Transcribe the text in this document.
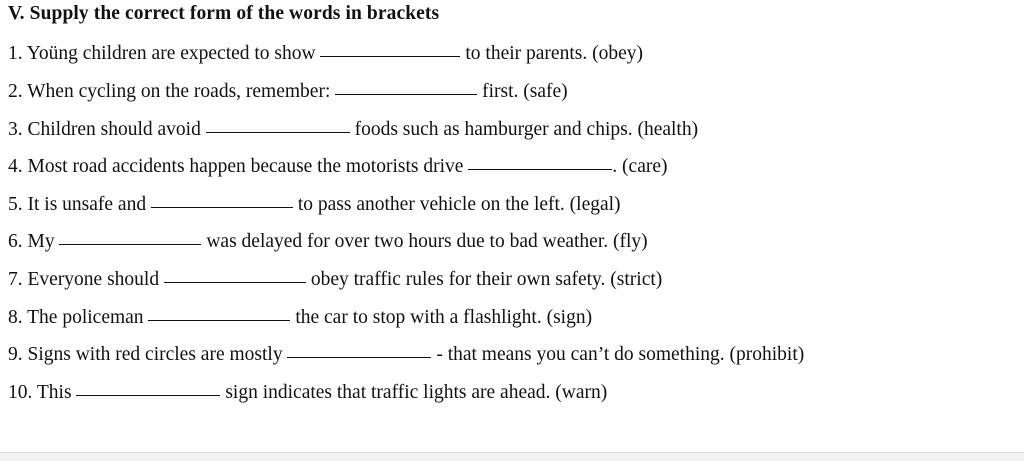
V. Supply the correct form of the words in brackets
1. Yoüng children are expected to show	to their parents. (obey)
2. When cycling on the roads, remember:	first. (safe)
3. Children should avoid	foods such as hamburger and chips. (health)
4. Most road accidents happen because the motorists drive	. (care)
5. It is unsafe and	to pass another vehicle on the left. (legal)
6. My	was delayed for over two hours due to bad weather. (fly)
7. Everyone should	obey traffic rules for their own safety. (strict)
8. The policeman	the car to stop with a flashlight. (sign)
9. Signs with red circles are mostly	- that means you can’t do something. (prohibit)
10. This	sign indicates that traffic lights are ahead. (warn)
